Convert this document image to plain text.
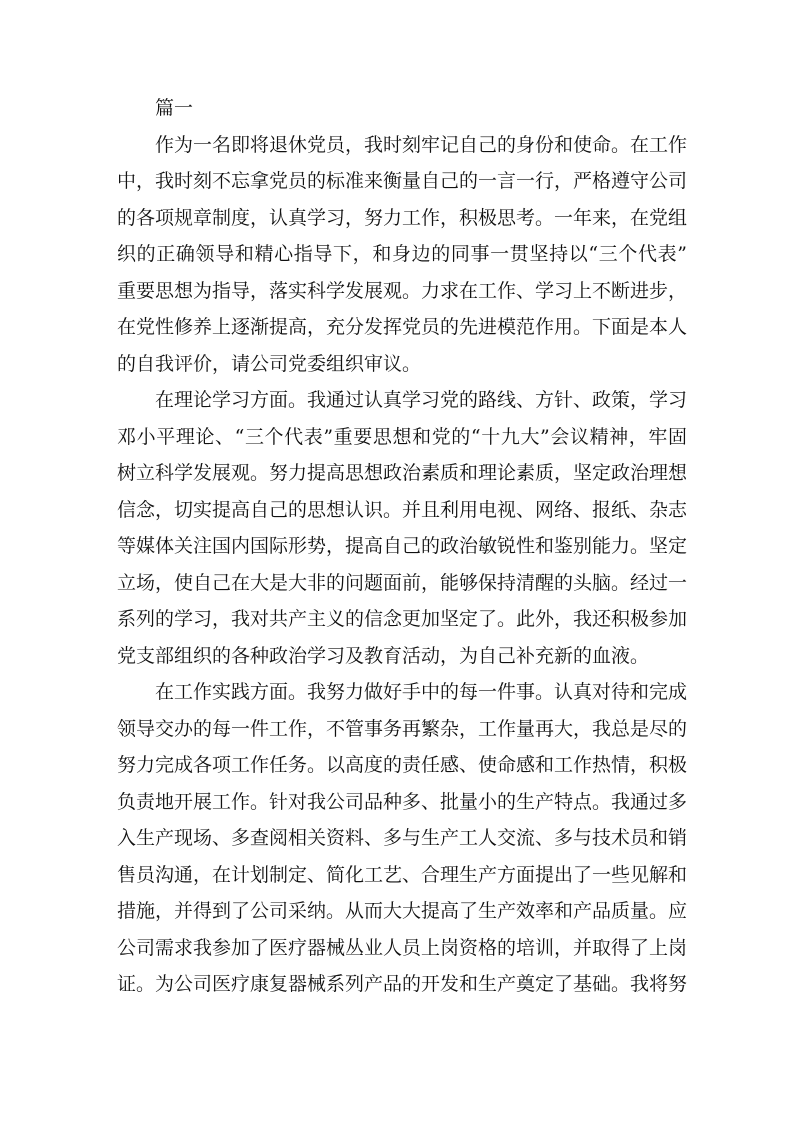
篇一
作为一名即将退休党员，我时刻牢记自己的身份和使命。在工作
中，我时刻不忘拿党员的标准来衡量自己的一言一行，严格遵守公司
的各项规章制度，认真学习，努力工作，积极思考。一年来，在党组
织的正确领导和精心指导下，和身边的同事一贯坚持以“三个代表”
重要思想为指导，落实科学发展观。力求在工作、学习上不断进步，
在党性修养上逐渐提高，充分发挥党员的先进模范作用。下面是本人
的自我评价，请公司党委组织审议。
在理论学习方面。我通过认真学习党的路线、方针、政策，学习
邓小平理论、“三个代表”重要思想和党的“十九大”会议精神，牢固
树立科学发展观。努力提高思想政治素质和理论素质，坚定政治理想
信念，切实提高自己的思想认识。并且利用电视、网络、报纸、杂志
等媒体关注国内国际形势，提高自己的政治敏锐性和鉴别能力。坚定
立场，使自己在大是大非的问题面前，能够保持清醒的头脑。经过一
系列的学习，我对共产主义的信念更加坚定了。此外，我还积极参加
党支部组织的各种政治学习及教育活动，为自己补充新的血液。
在工作实践方面。我努力做好手中的每一件事。认真对待和完成
领导交办的每一件工作，不管事务再繁杂，工作量再大，我总是尽的
努力完成各项工作任务。以高度的责任感、使命感和工作热情，积极
负责地开展工作。针对我公司品种多、批量小的生产特点。我通过多
入生产现场、多查阅相关资料、多与生产工人交流、多与技术员和销
售员沟通，在计划制定、简化工艺、合理生产方面提出了一些见解和
措施，并得到了公司采纳。从而大大提高了生产效率和产品质量。应
公司需求我参加了医疗器械丛业人员上岗资格的培训，并取得了上岗
证。为公司医疗康复器械系列产品的开发和生产奠定了基础。我将努
